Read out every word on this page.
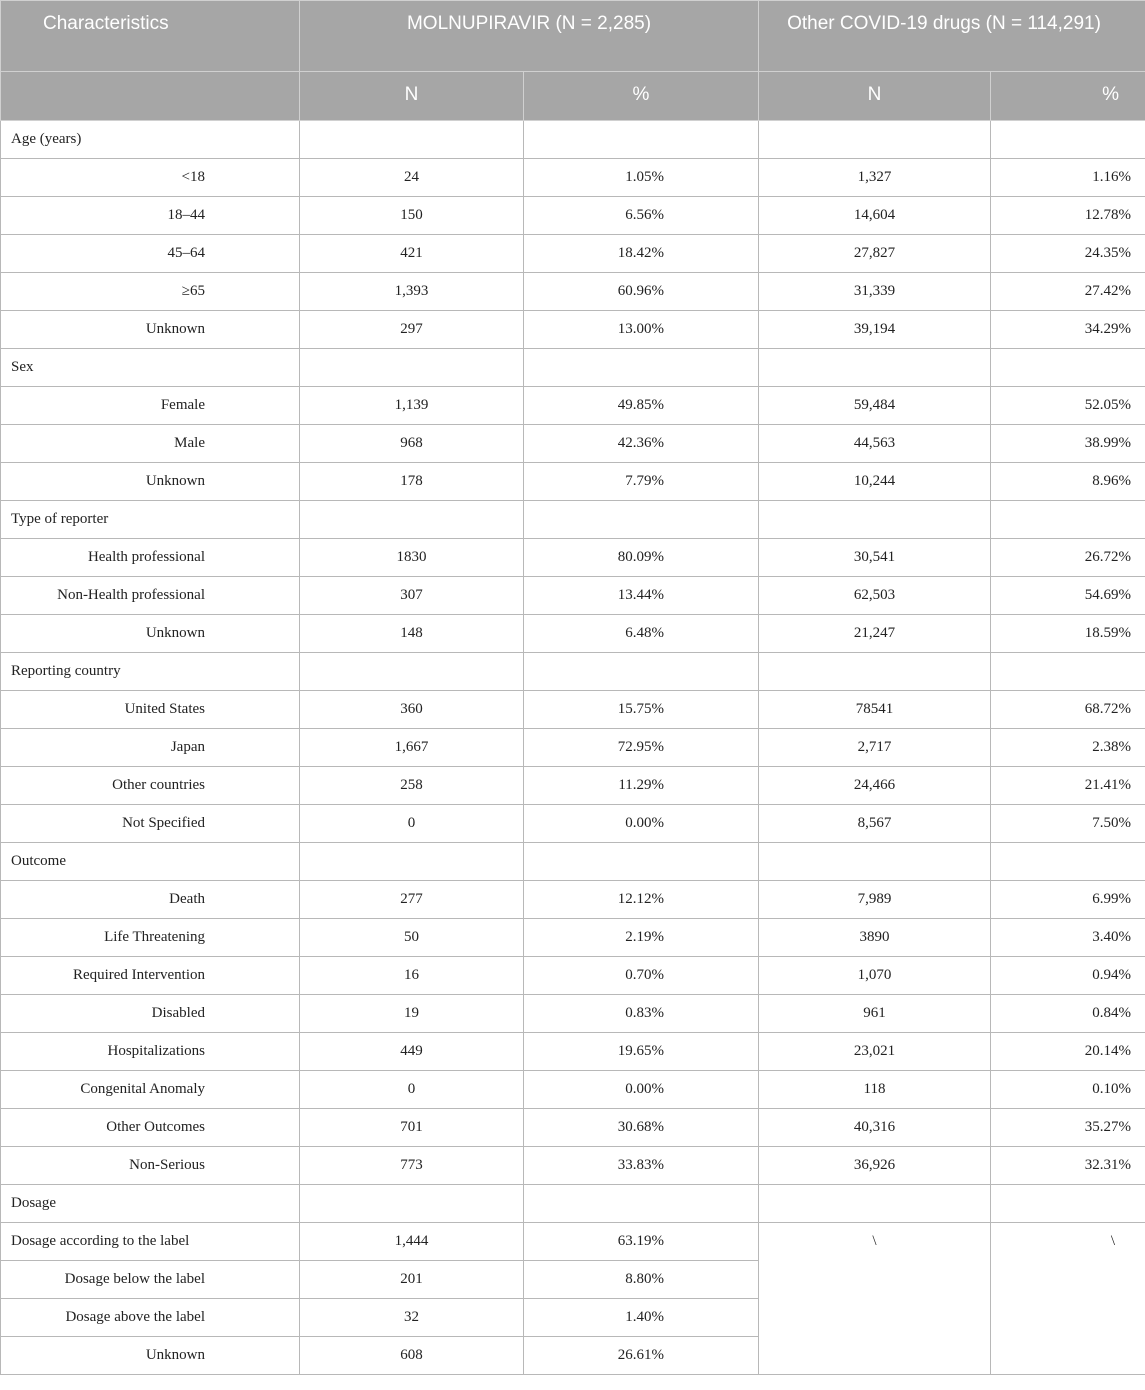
Characteristics	MOLNUPIRAVIR (N = 2,285)		Other COVID-19 drugs (N = 114,291)	
	N	%	N	%
Age (years)				
<18	24	1.05%	1,327	1.16%
18–44	150	6.56%	14,604	12.78%
45–64	421	18.42%	27,827	24.35%
≥65	1,393	60.96%	31,339	27.42%
Unknown	297	13.00%	39,194	34.29%
Sex				
Female	1,139	49.85%	59,484	52.05%
Male	968	42.36%	44,563	38.99%
Unknown	178	7.79%	10,244	8.96%
Type of reporter				
Health professional	1830	80.09%	30,541	26.72%
Non-Health professional	307	13.44%	62,503	54.69%
Unknown	148	6.48%	21,247	18.59%
Reporting country				
United States	360	15.75%	78541	68.72%
Japan	1,667	72.95%	2,717	2.38%
Other countries	258	11.29%	24,466	21.41%
Not Specified	0	0.00%	8,567	7.50%
Outcome				
Death	277	12.12%	7,989	6.99%
Life Threatening	50	2.19%	3890	3.40%
Required Intervention	16	0.70%	1,070	0.94%
Disabled	19	0.83%	961	0.84%
Hospitalizations	449	19.65%	23,021	20.14%
Congenital Anomaly	0	0.00%	118	0.10%
Other Outcomes	701	30.68%	40,316	35.27%
Non-Serious	773	33.83%	36,926	32.31%
Dosage				
Dosage according to the label	1,444	63.19%	\	\
Dosage below the label	201	8.80%		
Dosage above the label	32	1.40%		
Unknown	608	26.61%		
